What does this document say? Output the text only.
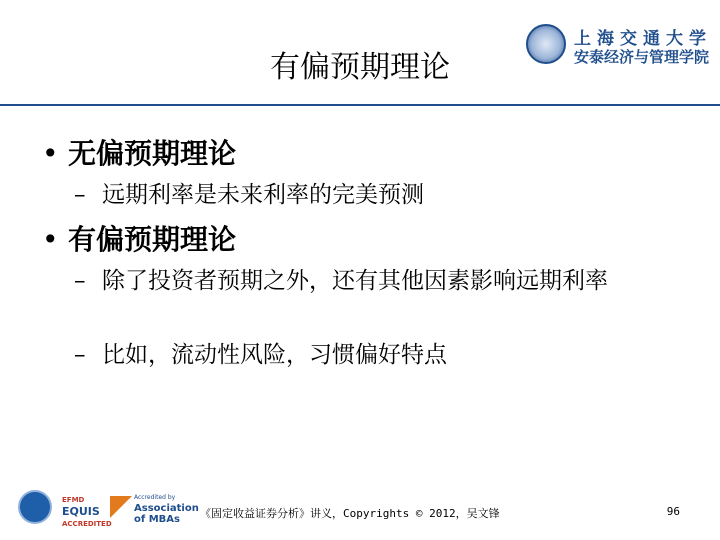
上海交通大学
安泰经济与管理学院
有偏预期理论
• 无偏预期理论
– 远期利率是未来利率的完美预测
• 有偏预期理论
– 除了投资者预期之外，还有其他因素影响远期利率
– 比如，流动性风险，习惯偏好特点
EFMD
EQUIS
ACCREDITED
Accredited by
Association
of MBAs	《固定收益证券分析》讲义，Copyrights © 2012，吴文锋	96
